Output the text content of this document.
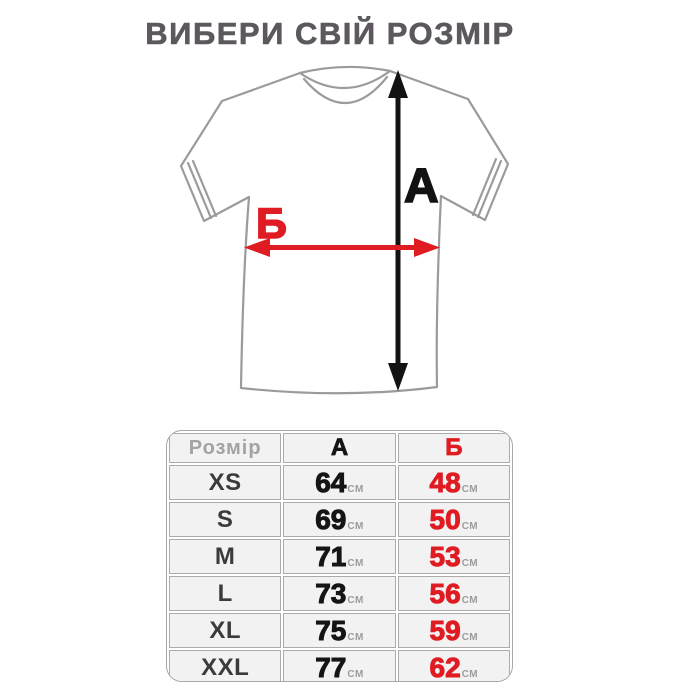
ВИБЕРИ СВІЙ РОЗМІР
А
Б
Розмір	А	Б
XS	64СМ	48СМ
S	69СМ	50СМ
M	71СМ	53СМ
L	73СМ	56СМ
XL	75СМ	59СМ
XXL	77СМ	62СМ
